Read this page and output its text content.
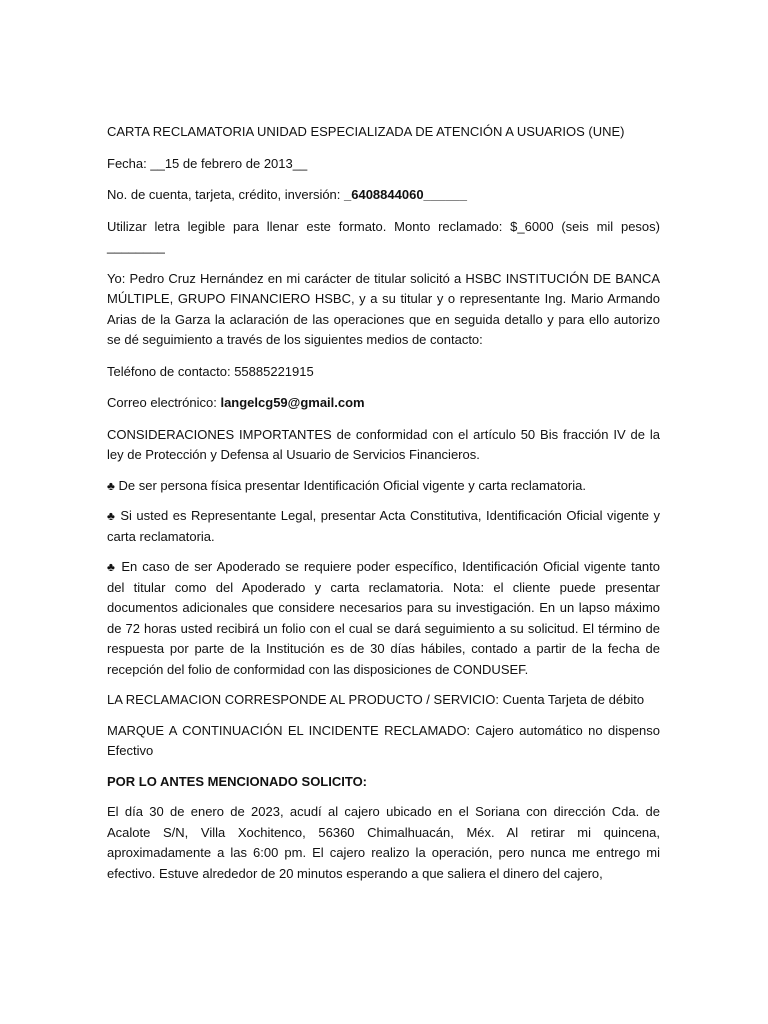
CARTA RECLAMATORIA UNIDAD ESPECIALIZADA DE ATENCIÓN A USUARIOS (UNE)

Fecha: __15 de febrero de 2013__

No. de cuenta, tarjeta, crédito, inversión: _6408844060______

Utilizar letra legible para llenar este formato. Monto reclamado: $_6000 (seis mil pesos) ________

Yo: Pedro Cruz Hernández en mi carácter de titular solicitó a HSBC INSTITUCIÓN DE BANCA MÚLTIPLE, GRUPO FINANCIERO HSBC, y a su titular y o representante Ing. Mario Armando Arias de la Garza la aclaración de las operaciones que en seguida detallo y para ello autorizo se dé seguimiento a través de los siguientes medios de contacto:

Teléfono de contacto: 55885221915

Correo electrónico: langelcg59@gmail.com

CONSIDERACIONES IMPORTANTES de conformidad con el artículo 50 Bis fracción IV de la ley de Protección y Defensa al Usuario de Servicios Financieros.

♣ De ser persona física presentar Identificación Oficial vigente y carta reclamatoria.

♣ Si usted es Representante Legal, presentar Acta Constitutiva, Identificación Oficial vigente y carta reclamatoria.

♣ En caso de ser Apoderado se requiere poder específico, Identificación Oficial vigente tanto del titular como del Apoderado y carta reclamatoria. Nota: el cliente puede presentar documentos adicionales que considere necesarios para su investigación. En un lapso máximo de 72 horas usted recibirá un folio con el cual se dará seguimiento a su solicitud. El término de respuesta por parte de la Institución es de 30 días hábiles, contado a partir de la fecha de recepción del folio de conformidad con las disposiciones de CONDUSEF.

LA RECLAMACION CORRESPONDE AL PRODUCTO / SERVICIO: Cuenta Tarjeta de débito

MARQUE A CONTINUACIÓN EL INCIDENTE RECLAMADO: Cajero automático no dispenso Efectivo

POR LO ANTES MENCIONADO SOLICITO:

El día 30 de enero de 2023, acudí al cajero ubicado en el Soriana con dirección Cda. de Acalote S/N, Villa Xochitenco, 56360 Chimalhuacán, Méx. Al retirar mi quincena, aproximadamente a las 6:00 pm. El cajero realizo la operación, pero nunca me entrego mi efectivo. Estuve alrededor de 20 minutos esperando a que saliera el dinero del cajero,
